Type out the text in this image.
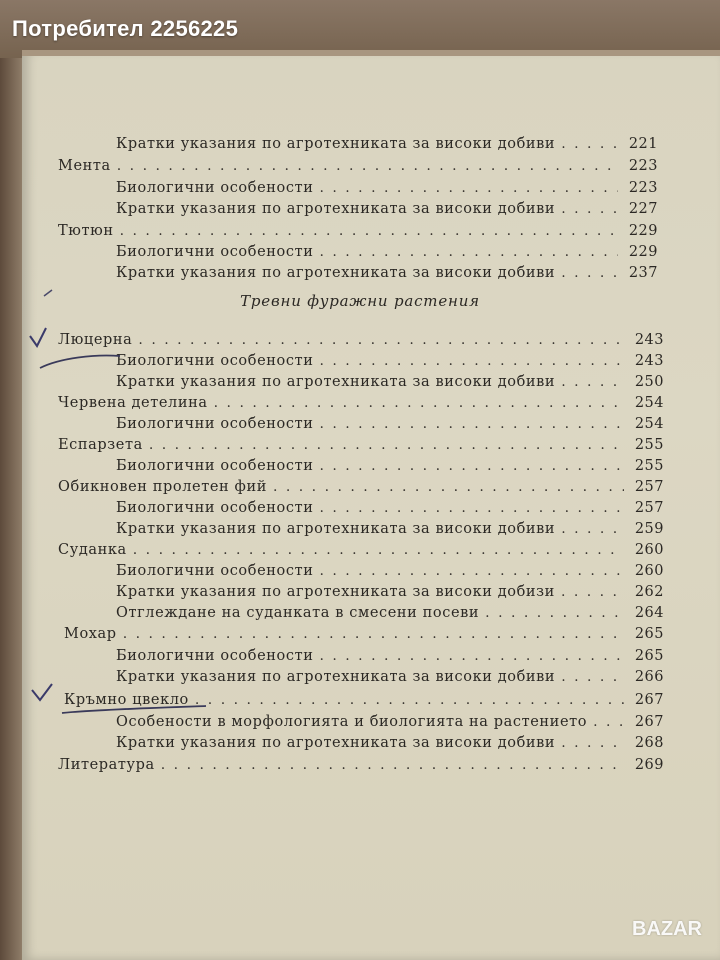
Потребител 2256225
Кратки указания по агротехниката за високи добиви . . .	221
Мента . . .	223
Биологични особености . . .	223
Кратки указания по агротехниката за високи добиви . . .	227
Тютюн . . .	229
Биологични особености . . .	229
Кратки указания по агротехниката за високи добиви . . .	237
Тревни фуражни растения
Люцерна . . .	243
Биологични особености . . .	243
Кратки указания по агротехниката за високи добиви . . .	250
Червена детелина . . .	254
Биологични особености . . .	254
Еспарзета . . .	255
Биологични особености . . .	255
Обикновен пролетен фий . . .	257
Биологични особености . . .	257
Кратки указания по агротехниката за високи добиви . . .	259
Суданка . . .	260
Биологични особености . . .	260
Кратки указания по агротехниката за високи добизи . . .	262
Отглеждане на суданката в смесени посеви . . .	264
Мохар . . .	265
Биологични особености . . .	265
Кратки указания по агротехниката за високи добиви . . .	266
Кръмно цвекло . . .	267
Особености в морфологията и биологията на растението . . .	267
Кратки указания по агротехниката за високи добиви . . .	268
Литература . . .	269
BAZAR
